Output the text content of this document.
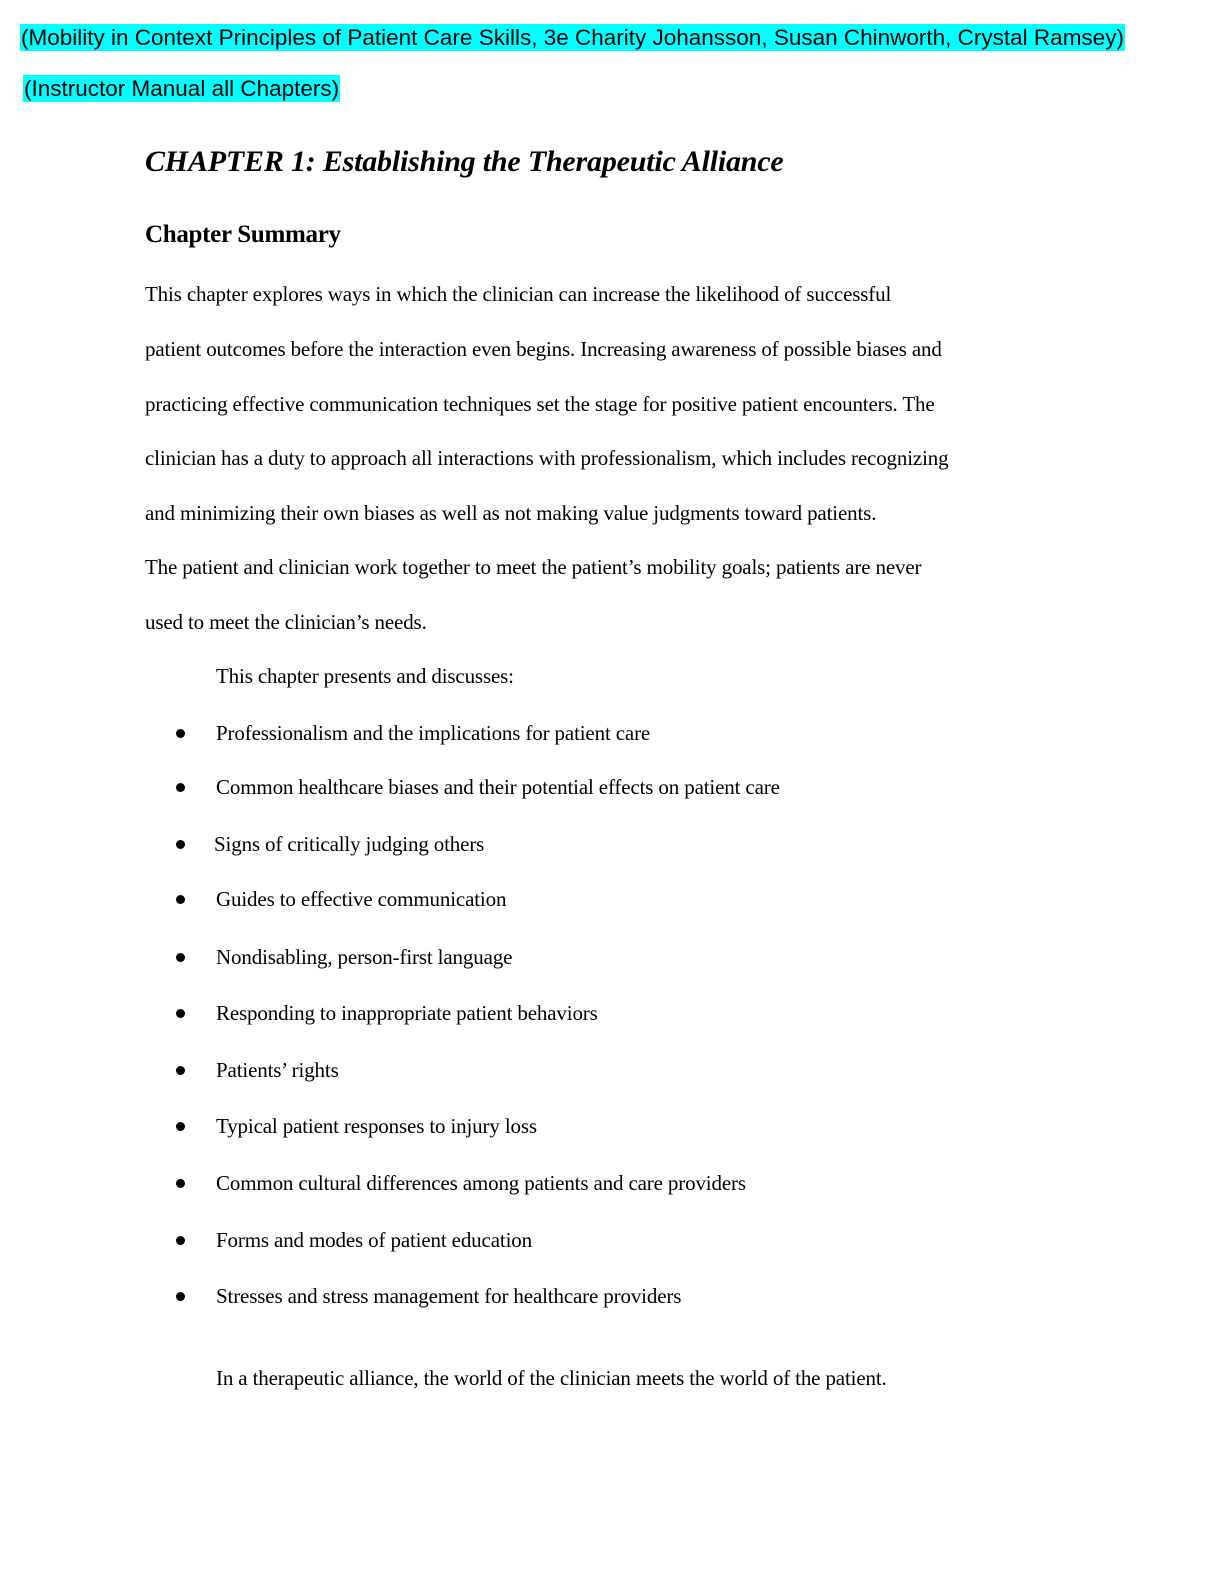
(Mobility in Context Principles of Patient Care Skills, 3e Charity Johansson, Susan Chinworth, Crystal Ramsey)
(Instructor Manual all Chapters)
CHAPTER 1: Establishing the Therapeutic Alliance
Chapter Summary
This chapter explores ways in which the clinician can increase the likelihood of successful
patient outcomes before the interaction even begins. Increasing awareness of possible biases and
practicing effective communication techniques set the stage for positive patient encounters. The
clinician has a duty to approach all interactions with professionalism, which includes recognizing
and minimizing their own biases as well as not making value judgments toward patients.
The patient and clinician work together to meet the patient’s mobility goals; patients are never
used to meet the clinician’s needs.
This chapter presents and discusses:
Professionalism and the implications for patient care
Common healthcare biases and their potential effects on patient care
Signs of critically judging others
Guides to effective communication
Nondisabling, person-first language
Responding to inappropriate patient behaviors
Patients’ rights
Typical patient responses to injury loss
Common cultural differences among patients and care providers
Forms and modes of patient education
Stresses and stress management for healthcare providers
In a therapeutic alliance, the world of the clinician meets the world of the patient.
